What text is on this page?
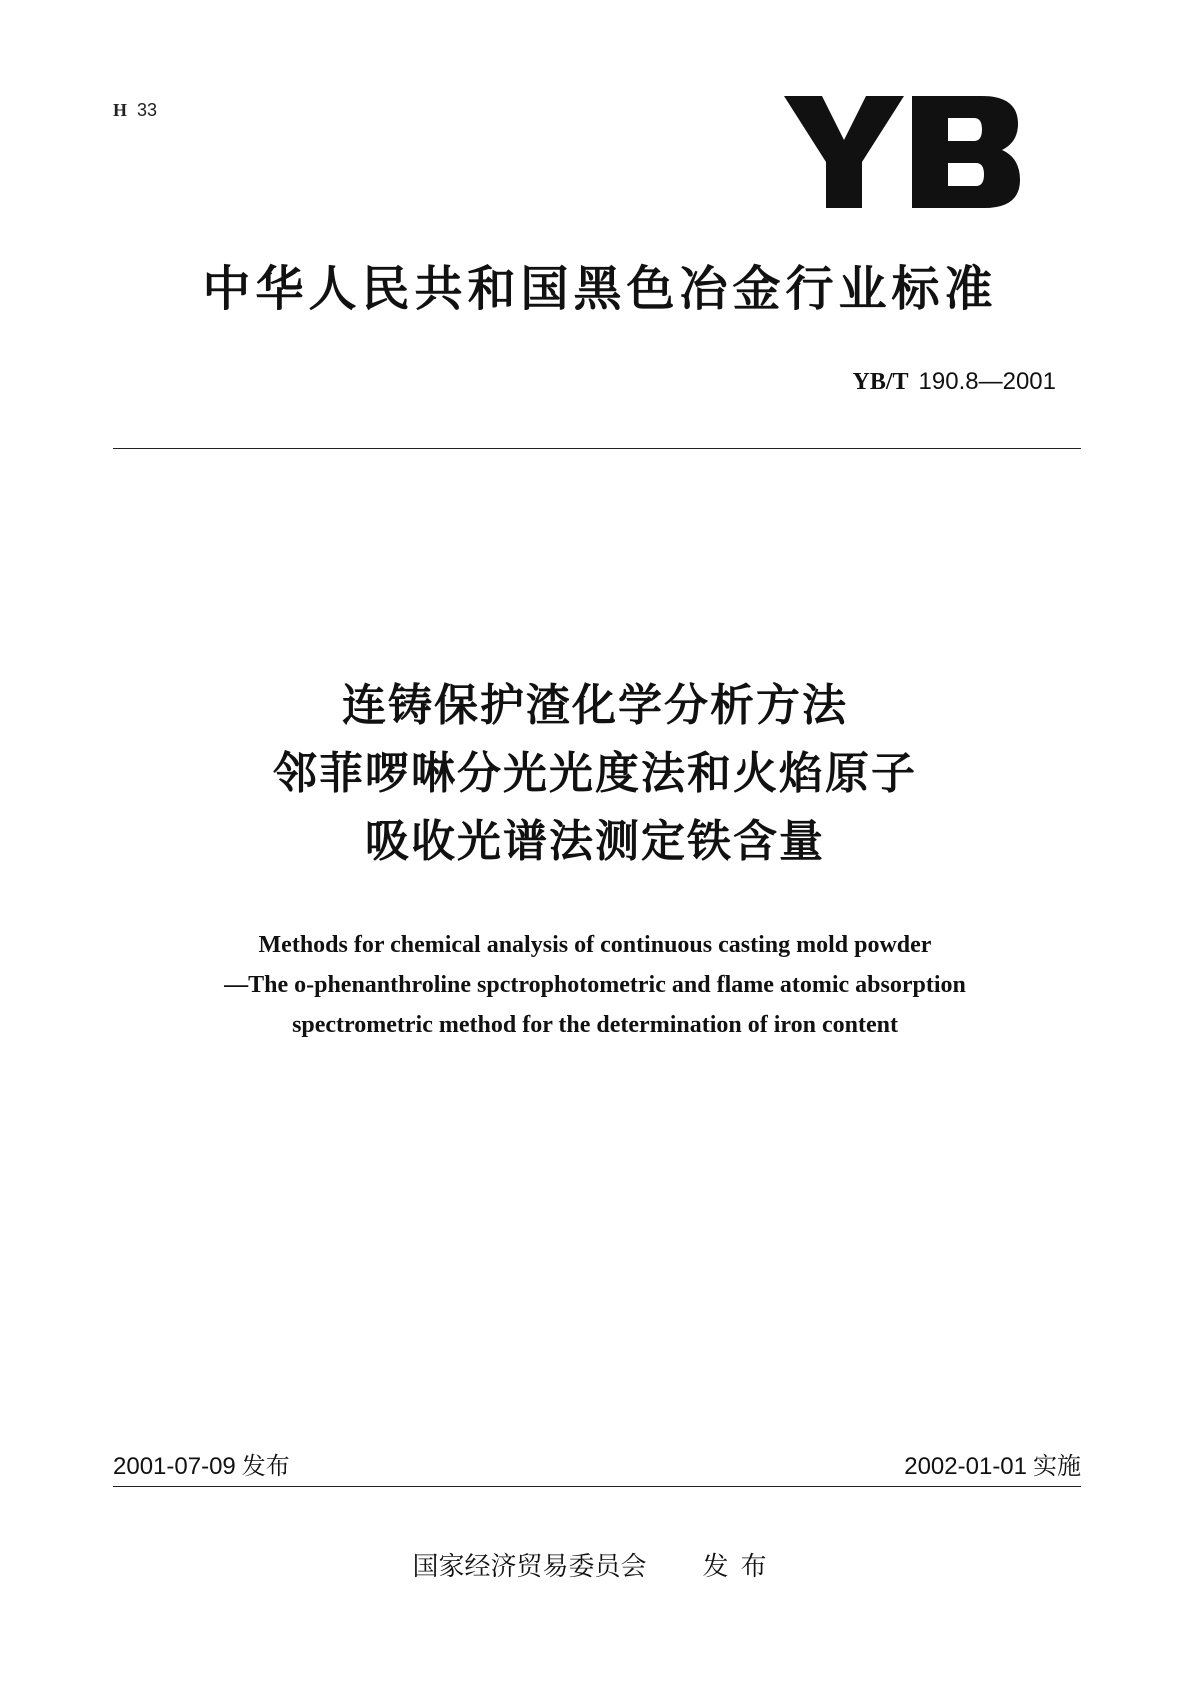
H 33
中华人民共和国黑色冶金行业标准
YB/T 190.8—2001
连铸保护渣化学分析方法
邻菲啰啉分光光度法和火焰原子
吸收光谱法测定铁含量
Methods for chemical analysis of continuous casting mold powder
—The o-phenanthroline spctrophotometric and flame atomic absorption
spectrometric method for the determination of iron content
2001-07-09 发布	2002-01-01 实施
国家经济贸易委员会 发布
